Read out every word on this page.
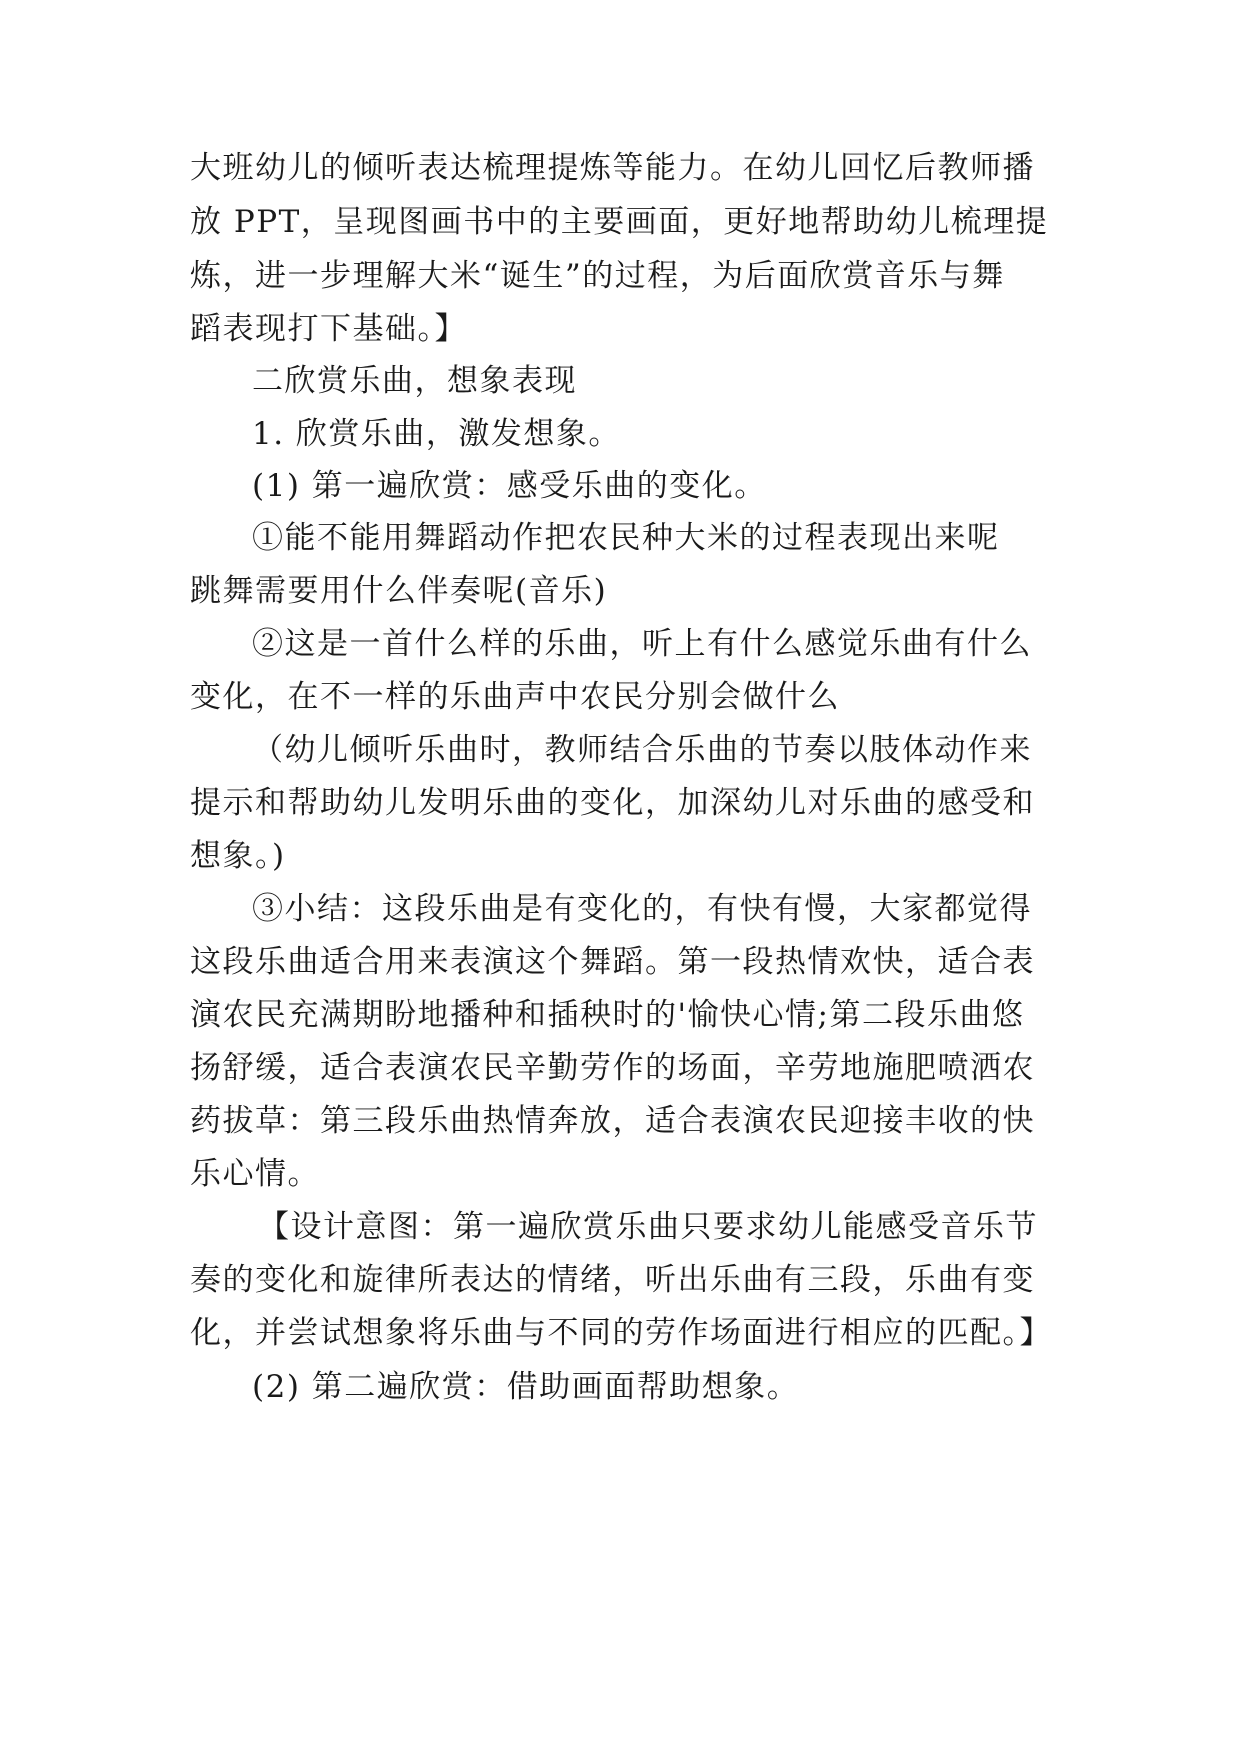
大班幼儿的倾听表达梳理提炼等能力。在幼儿回忆后教师播
放 PPT，呈现图画书中的主要画面，更好地帮助幼儿梳理提
炼，进一步理解大米“诞生”的过程，为后面欣赏音乐与舞
蹈表现打下基础。】
二欣赏乐曲，想象表现
1. 欣赏乐曲，激发想象。
(1) 第一遍欣赏：感受乐曲的变化。
①能不能用舞蹈动作把农民种大米的过程表现出来呢
跳舞需要用什么伴奏呢(音乐)
②这是一首什么样的乐曲，听上有什么感觉乐曲有什么
变化，在不一样的乐曲声中农民分别会做什么
（幼儿倾听乐曲时，教师结合乐曲的节奏以肢体动作来
提示和帮助幼儿发明乐曲的变化，加深幼儿对乐曲的感受和
想象。)
③小结：这段乐曲是有变化的，有快有慢，大家都觉得
这段乐曲适合用来表演这个舞蹈。第一段热情欢快，适合表
演农民充满期盼地播种和插秧时的'愉快心情;第二段乐曲悠
扬舒缓，适合表演农民辛勤劳作的场面，辛劳地施肥喷洒农
药拔草：第三段乐曲热情奔放，适合表演农民迎接丰收的快
乐心情。
【设计意图：第一遍欣赏乐曲只要求幼儿能感受音乐节
奏的变化和旋律所表达的情绪，听出乐曲有三段，乐曲有变
化，并尝试想象将乐曲与不同的劳作场面进行相应的匹配。】
(2) 第二遍欣赏：借助画面帮助想象。
